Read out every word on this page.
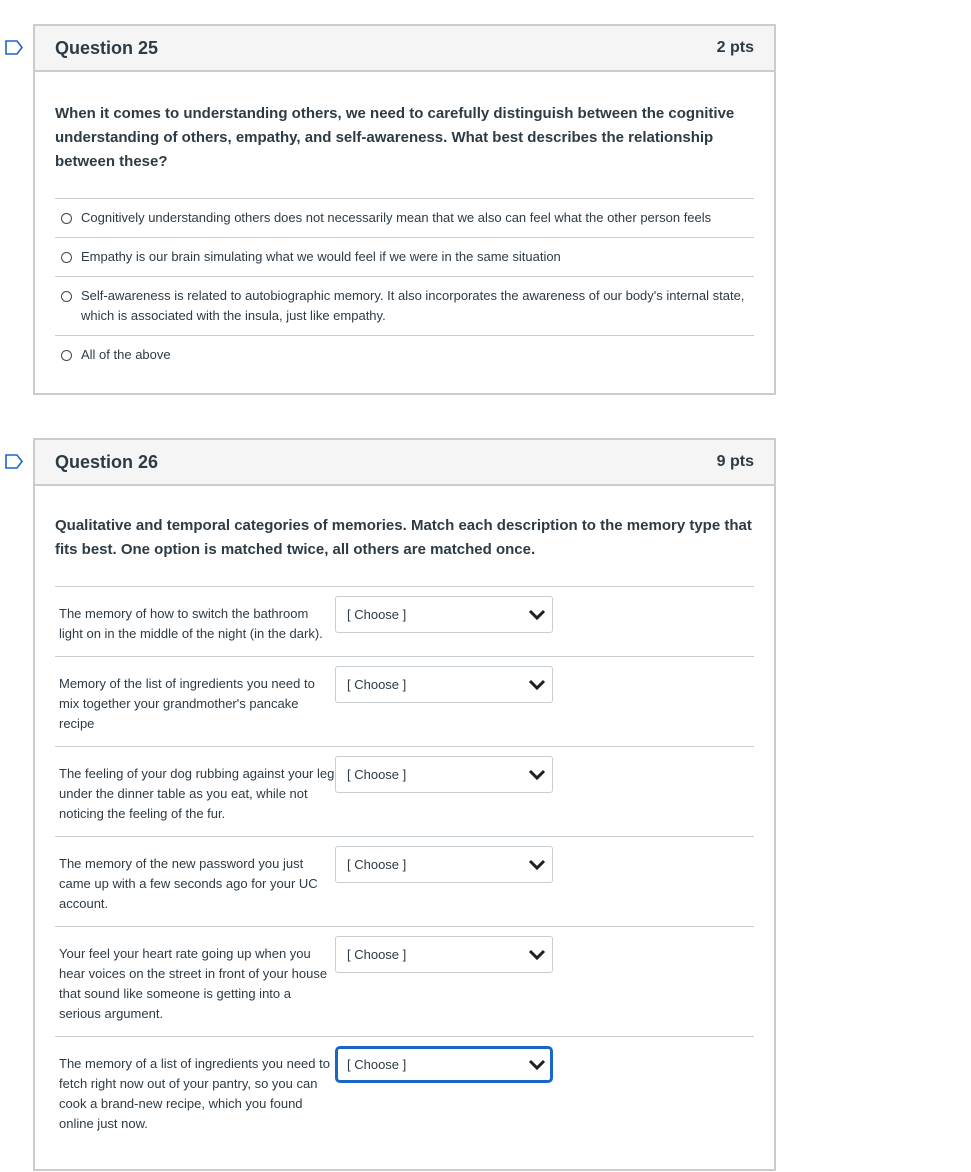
Question 25	2 pts
When it comes to understanding others, we need to carefully distinguish between the cognitive understanding of others, empathy, and self-awareness. What best describes the relationship between these?
Cognitively understanding others does not necessarily mean that we also can feel what the other person feels
Empathy is our brain simulating what we would feel if we were in the same situation
Self-awareness is related to autobiographic memory. It also incorporates the awareness of our body's internal state, which is associated with the insula, just like empathy.
All of the above
Question 26	9 pts
Qualitative and temporal categories of memories. Match each description to the memory type that fits best. One option is matched twice, all others are matched once.
The memory of how to switch the bathroom light on in the middle of the night (in the dark).
[ Choose ]
Memory of the list of ingredients you need to mix together your grandmother's pancake recipe
[ Choose ]
The feeling of your dog rubbing against your leg under the dinner table as you eat, while not noticing the feeling of the fur.
[ Choose ]
The memory of the new password you just came up with a few seconds ago for your UC account.
[ Choose ]
Your feel your heart rate going up when you hear voices on the street in front of your house that sound like someone is getting into a serious argument.
[ Choose ]
The memory of a list of ingredients you need to fetch right now out of your pantry, so you can cook a brand-new recipe, which you found online just now.
[ Choose ]
